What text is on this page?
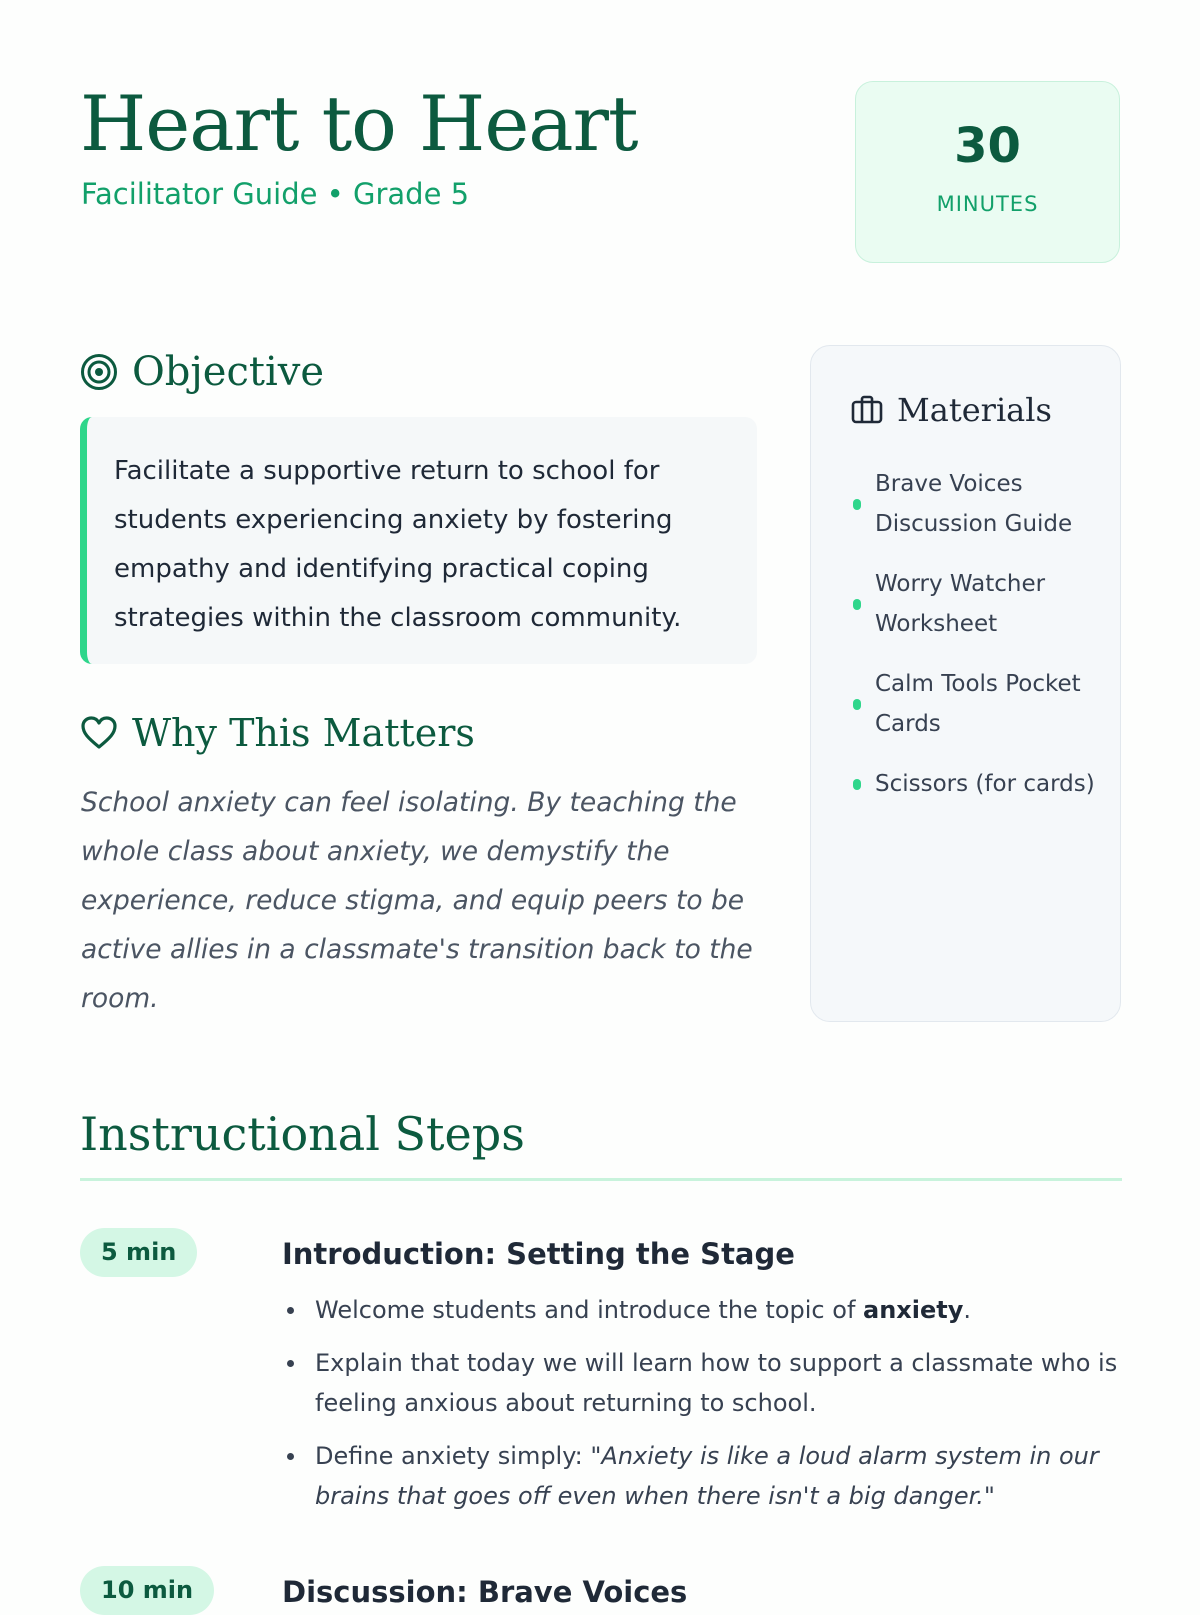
Heart to Heart
Facilitator Guide • Grade 5
30
MINUTES
Objective
Facilitate a supportive return to school for students experiencing anxiety by fostering empathy and identifying practical coping strategies within the classroom community.
Why This Matters
School anxiety can feel isolating. By teaching the whole class about anxiety, we demystify the experience, reduce stigma, and equip peers to be active allies in a classmate's transition back to the room.
Materials
Brave Voices Discussion Guide
Worry Watcher Worksheet
Calm Tools Pocket Cards
Scissors (for cards)
Instructional Steps
5 min	Introduction: Setting the Stage
Welcome students and introduce the topic of anxiety.
Explain that today we will learn how to support a classmate who is feeling anxious about returning to school.
Define anxiety simply: "Anxiety is like a loud alarm system in our brains that goes off even when there isn't a big danger."
10 min	Discussion: Brave Voices
